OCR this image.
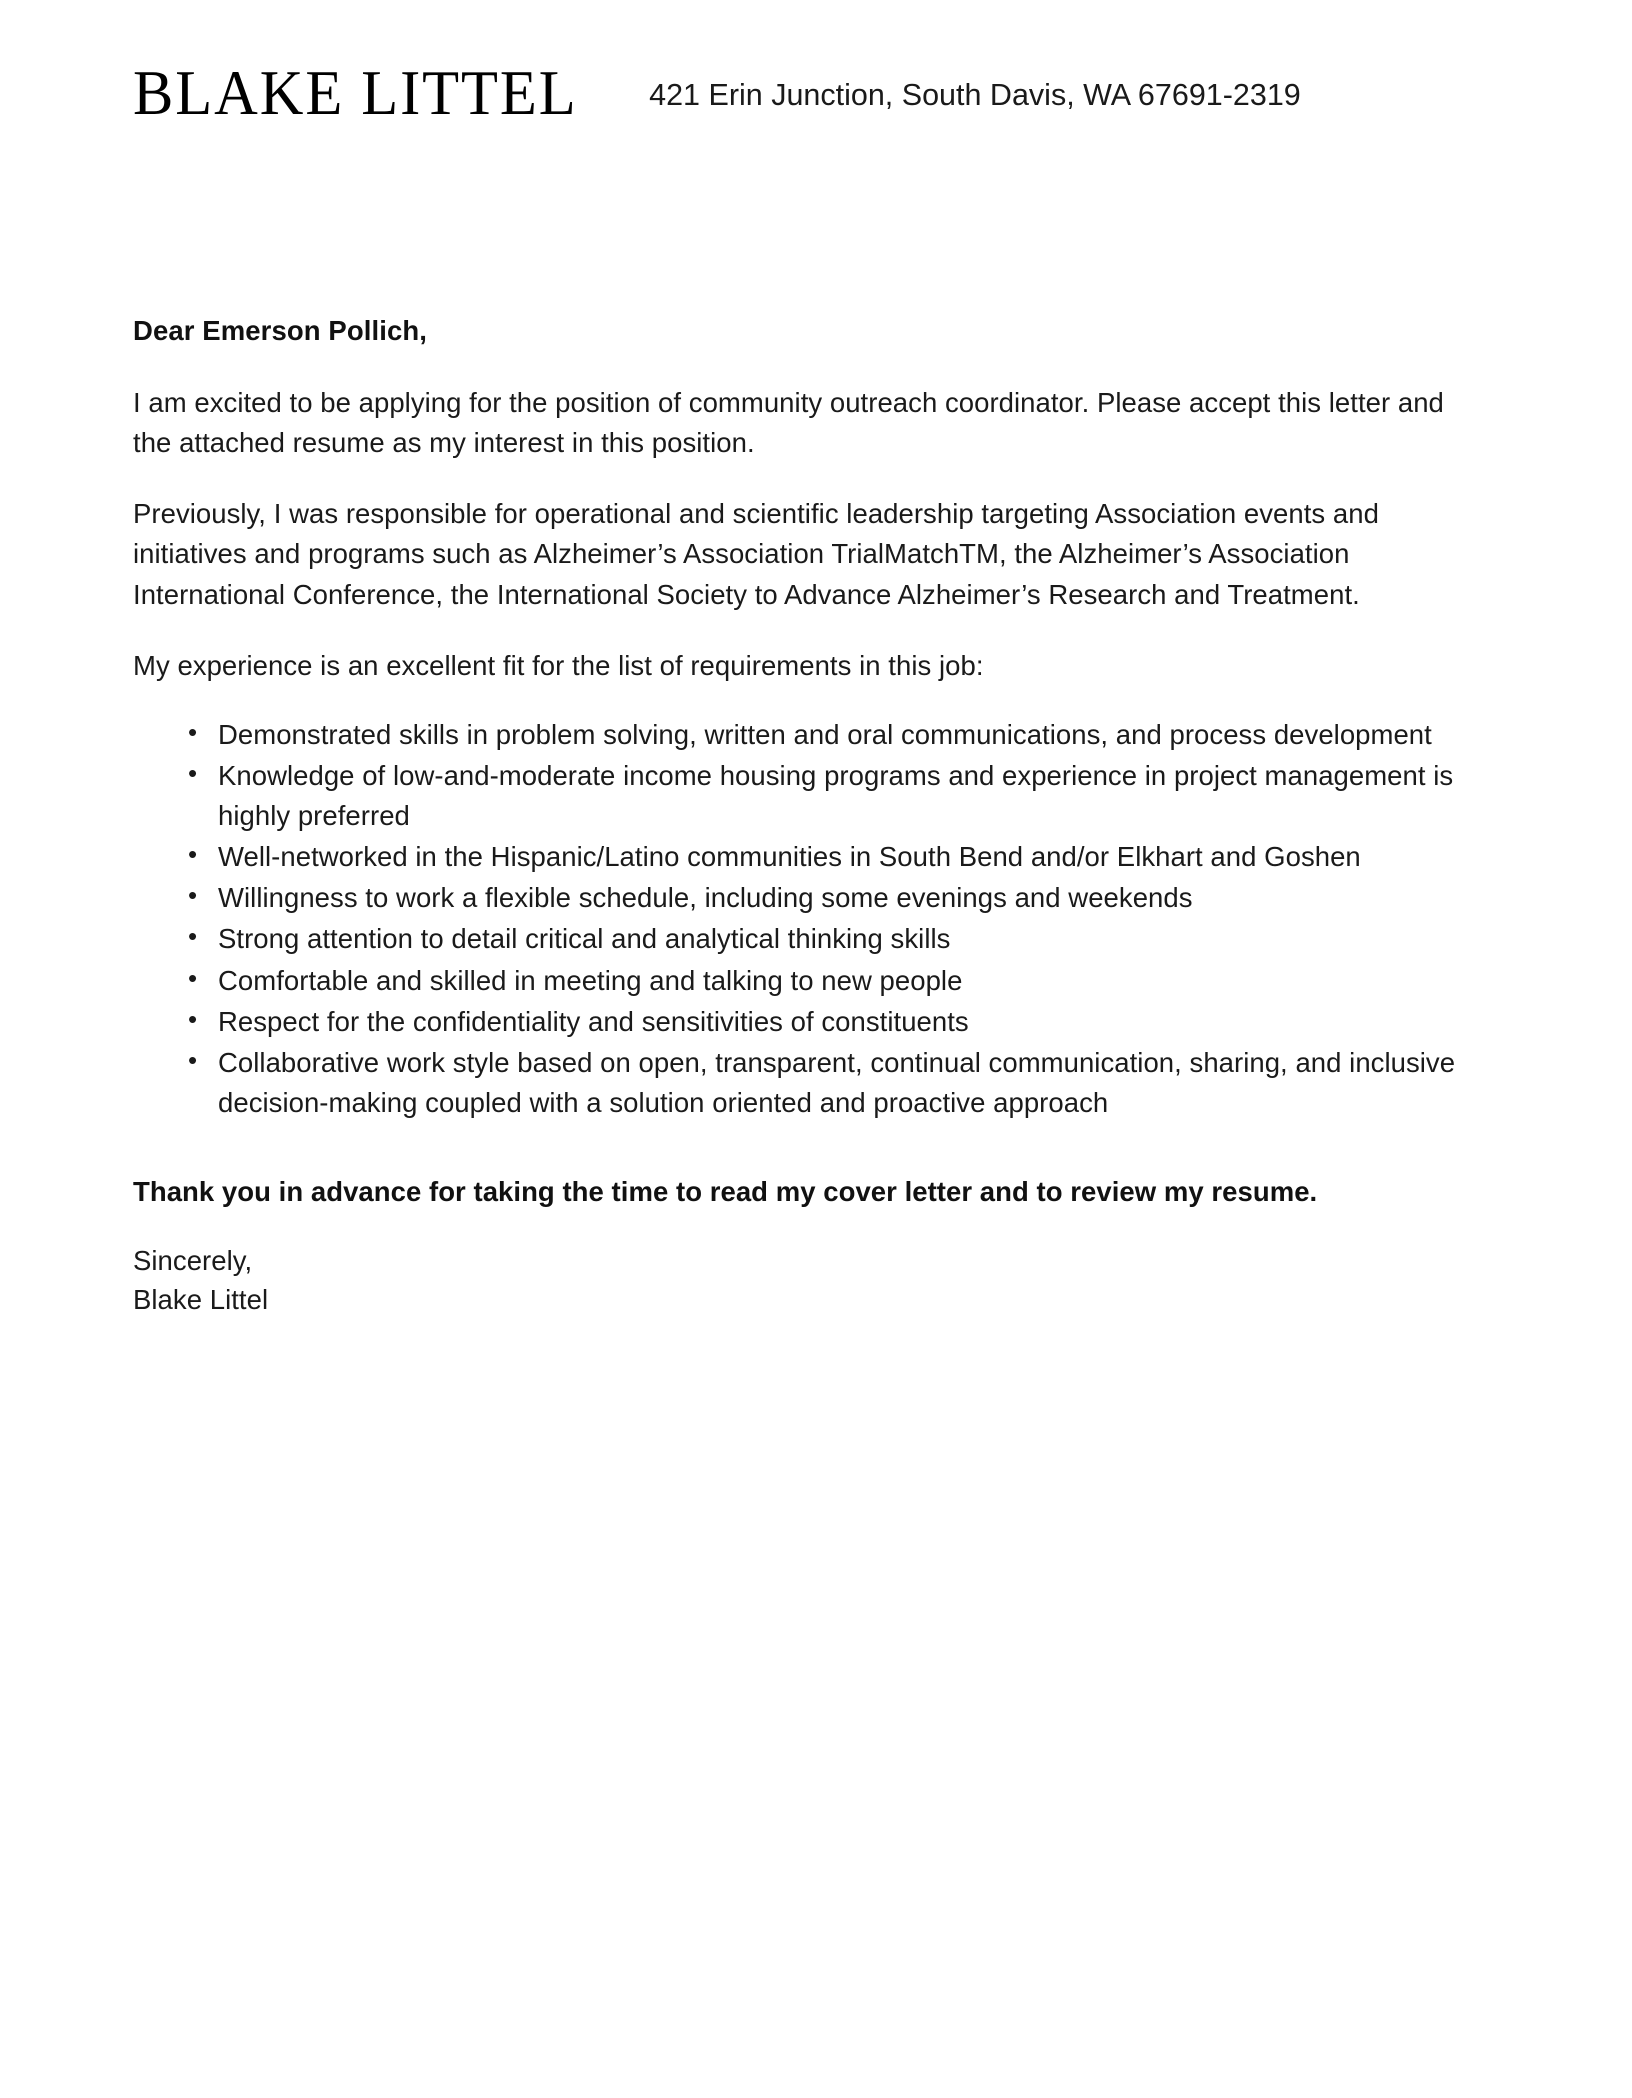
BLAKE LITTEL 421 Erin Junction, South Davis, WA 67691-2319

Dear Emerson Pollich,

I am excited to be applying for the position of community outreach coordinator. Please accept this letter and the attached resume as my interest in this position.

Previously, I was responsible for operational and scientific leadership targeting Association events and initiatives and programs such as Alzheimer’s Association TrialMatchTM, the Alzheimer’s Association International Conference, the International Society to Advance Alzheimer’s Research and Treatment.

My experience is an excellent fit for the list of requirements in this job:

• Demonstrated skills in problem solving, written and oral communications, and process development
• Knowledge of low-and-moderate income housing programs and experience in project management is highly preferred
• Well-networked in the Hispanic/Latino communities in South Bend and/or Elkhart and Goshen
• Willingness to work a flexible schedule, including some evenings and weekends
• Strong attention to detail critical and analytical thinking skills
• Comfortable and skilled in meeting and talking to new people
• Respect for the confidentiality and sensitivities of constituents
• Collaborative work style based on open, transparent, continual communication, sharing, and inclusive decision-making coupled with a solution oriented and proactive approach

Thank you in advance for taking the time to read my cover letter and to review my resume.

Sincerely,
Blake Littel
